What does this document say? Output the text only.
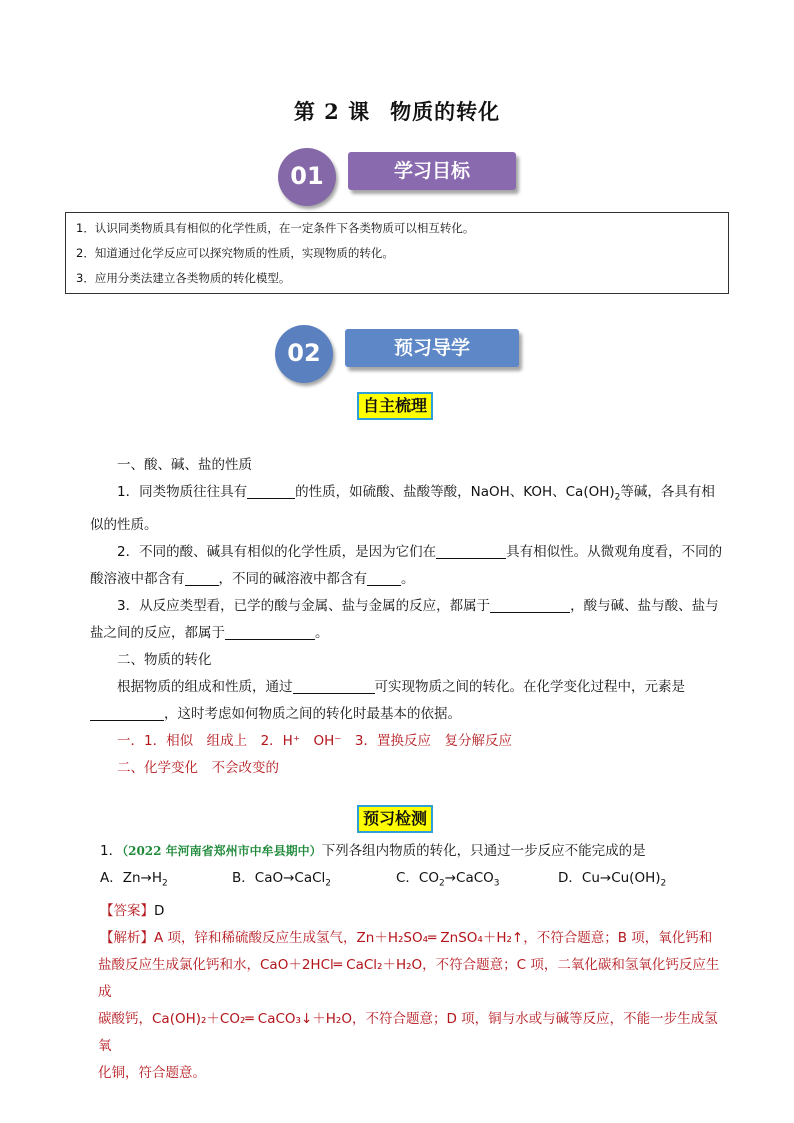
第 2 课 物质的转化
01	学习目标
1．认识同类物质具有相似的化学性质，在一定条件下各类物质可以相互转化。
2．知道通过化学反应可以探究物质的性质，实现物质的转化。
3．应用分类法建立各类物质的转化模型。
02	预习导学
自主梳理

一、酸、碱、盐的性质

1．同类物质往往具有	的性质，如硫酸、盐酸等酸，NaOH、KOH、$Ca(OH)_2$等碱，各具有相

似的性质。

2．不同的酸、碱具有相似的化学性质，是因为它们在	具有相似性。从微观角度看，不同的

酸溶液中都含有	，不同的碱溶液中都含有	。

3．从反应类型看，已学的酸与金属、盐与金属的反应，都属于	，酸与碱、盐与酸、盐与

盐之间的反应，都属于	。

二、物质的转化

根据物质的组成和性质，通过	可实现物质之间的转化。在化学变化过程中，元素是

，这时考虑如何物质之间的转化时最基本的依据。

一．1．相似　组成上　2．H⁺　OH⁻　3．置换反应　复分解反应

二、化学变化　不会改变的

预习检测

1．（2022 年河南省郑州市中牟县期中）下列各组内物质的转化，只通过一步反应不能完成的是

A．$Zn\to H_2$	B．CaO→CaCl$_2$	C．$CO_2\to CaCO_3$	D．$Cu\to Cu(OH)_2$

【答案】D

【解析】A 项，锌和稀硫酸反应生成氢气，Zn＋H₂SO₄═ ZnSO₄＋H₂↑，不符合题意；B 项，氧化钙和

盐酸反应生成氯化钙和水，CaO＋2HCl═ CaCl₂＋H₂O，不符合题意；C 项，二氧化碳和氢氧化钙反应生成

碳酸钙，Ca(OH)₂＋CO₂═ CaCO₃↓＋H₂O，不符合题意；D 项，铜与水或与碱等反应，不能一步生成氢氧

化铜，符合题意。
